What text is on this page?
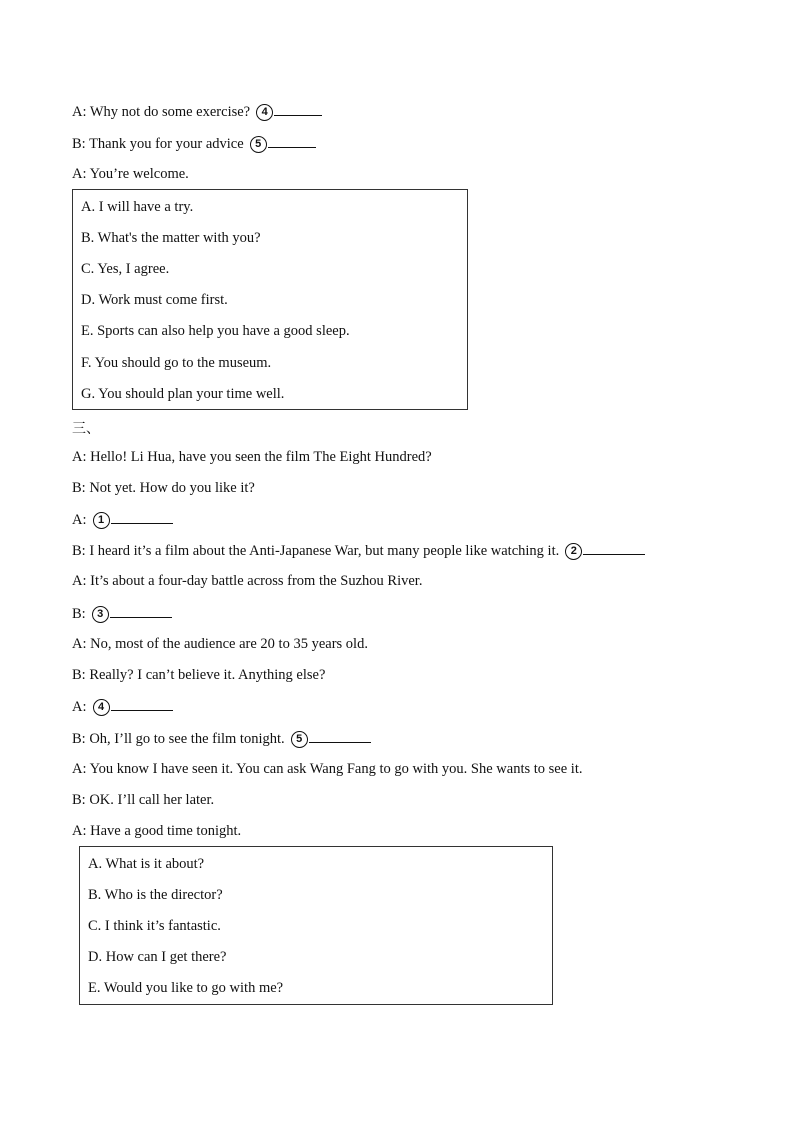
A: Why not do some exercise? 4
B: Thank you for your advice 5
A: You’re welcome.
A. I will have a try.
B. What's the matter with you?
C. Yes, I agree.
D. Work must come first.
E. Sports can also help you have a good sleep.
F. You should go to the museum.
G. You should plan your time well.
三、
A: Hello! Li Hua, have you seen the film The Eight Hundred?
B: Not yet. How do you like it?
A: 1
B: I heard it’s a film about the Anti-Japanese War, but many people like watching it. 2
A: It’s about a four-day battle across from the Suzhou River.
B: 3
A: No, most of the audience are 20 to 35 years old.
B: Really? I can’t believe it. Anything else?
A: 4
B: Oh, I’ll go to see the film tonight. 5
A: You know I have seen it. You can ask Wang Fang to go with you. She wants to see it.
B: OK. I’ll call her later.
A: Have a good time tonight.
A. What is it about?
B. Who is the director?
C. I think it’s fantastic.
D. How can I get there?
E. Would you like to go with me?
